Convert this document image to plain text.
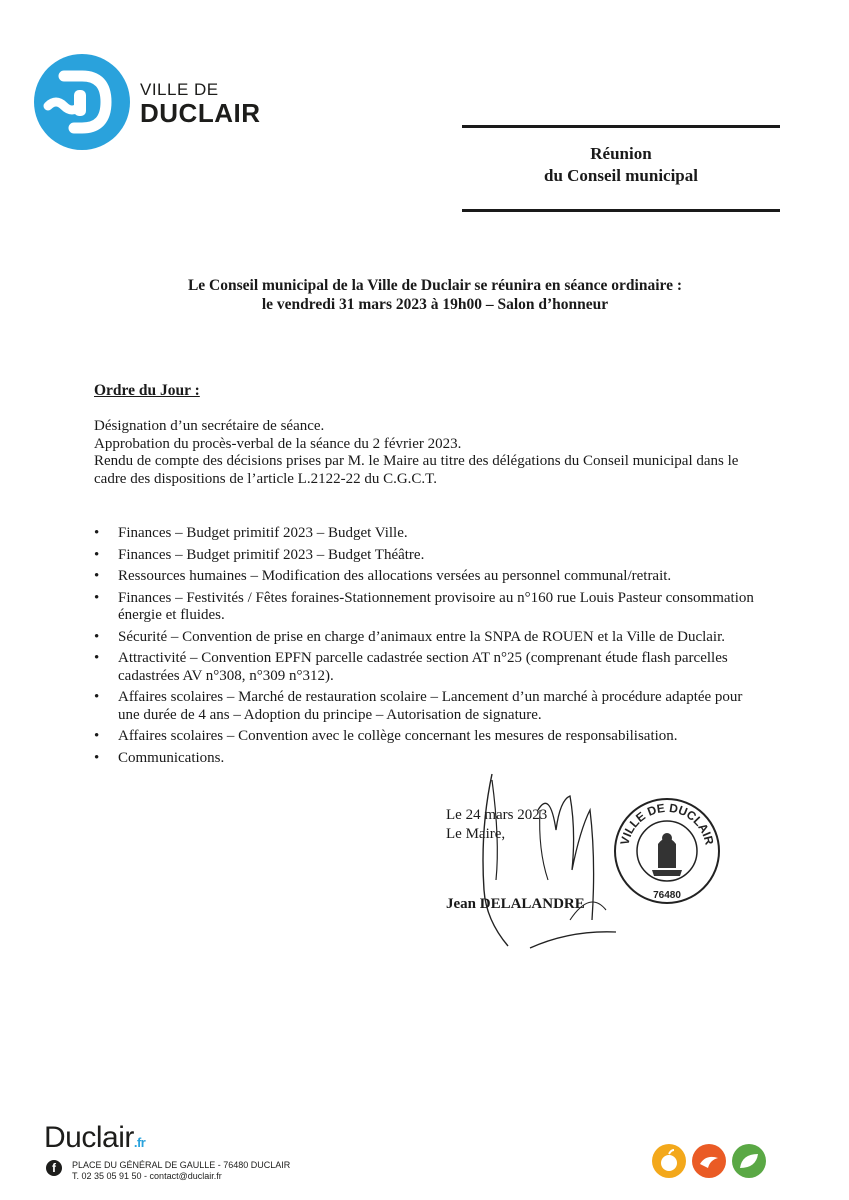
VILLE DE
DUCLAIR
Réunion
du Conseil municipal
Le Conseil municipal de la Ville de Duclair se réunira en séance ordinaire :
le vendredi 31 mars 2023 à 19h00 – Salon d’honneur
Ordre du Jour :

Désignation d’un secrétaire de séance.

Approbation du procès-verbal de la séance du 2 février 2023.

Rendu de compte des décisions prises par M. le Maire au titre des délégations du Conseil municipal dans le cadre des dispositions de l’article L.2122-22 du C.G.C.T.

• Finances – Budget primitif 2023 – Budget Ville.
• Finances – Budget primitif 2023 – Budget Théâtre.
• Ressources humaines – Modification des allocations versées au personnel communal/retrait.
• Finances – Festivités / Fêtes foraines-Stationnement provisoire au n°160 rue Louis Pasteur consommation énergie et fluides.
• Sécurité – Convention de prise en charge d’animaux entre la SNPA de ROUEN et la Ville de Duclair.
• Attractivité – Convention EPFN parcelle cadastrée section AT n°25 (comprenant étude flash parcelles cadastrées AV n°308, n°309 n°312).
• Affaires scolaires – Marché de restauration scolaire – Lancement d’un marché à procédure adaptée pour une durée de 4 ans – Adoption du principe – Autorisation de signature.
• Affaires scolaires – Convention avec le collège concernant les mesures de responsabilisation.
• Communications.
Le 24 mars 2023
Le Maire,
Jean DELALANDRE
VILLE DE DUCLAIR
76480
Duclair.fr
f	PLACE DU GÉNÉRAL DE GAULLE - 76480 DUCLAIR
T. 02 35 05 91 50 - contact@duclair.fr
